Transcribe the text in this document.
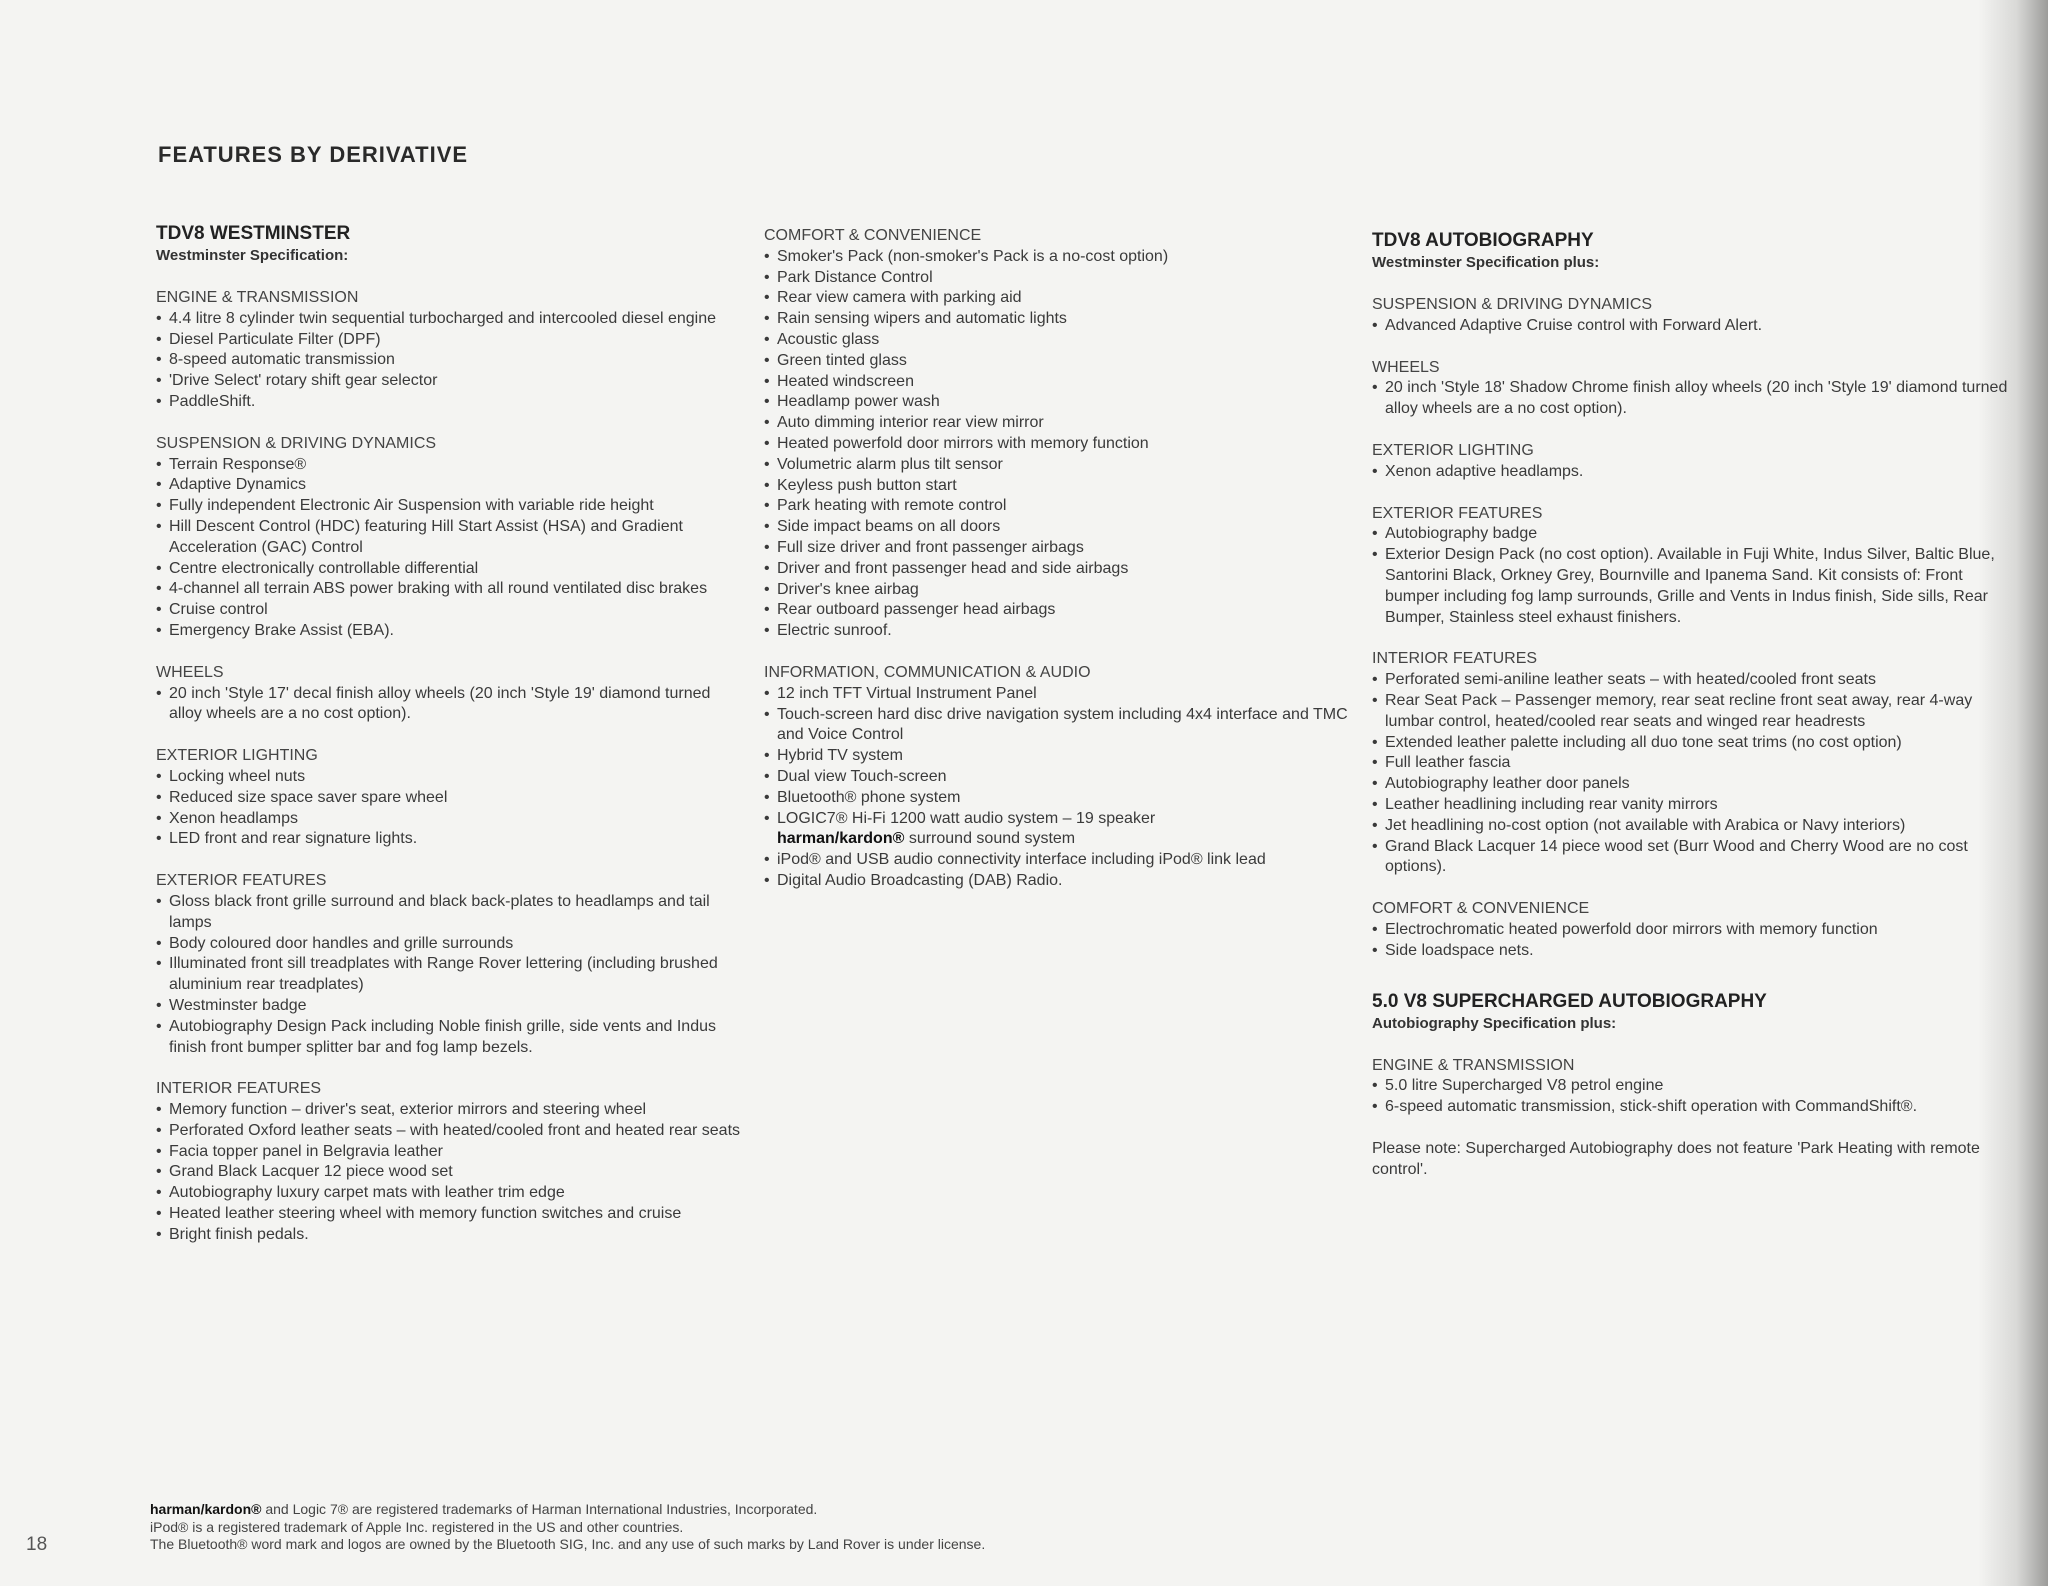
FEATURES BY DERIVATIVE
TDV8 WESTMINSTER
Westminster Specification:
ENGINE & TRANSMISSION
• 4.4 litre 8 cylinder twin sequential turbocharged and intercooled diesel engine
• Diesel Particulate Filter (DPF)
• 8-speed automatic transmission
• 'Drive Select' rotary shift gear selector
• PaddleShift.
SUSPENSION & DRIVING DYNAMICS
• Terrain Response®
• Adaptive Dynamics
• Fully independent Electronic Air Suspension with variable ride height
• Hill Descent Control (HDC) featuring Hill Start Assist (HSA) and Gradient Acceleration (GAC) Control
• Centre electronically controllable differential
• 4-channel all terrain ABS power braking with all round ventilated disc brakes
• Cruise control
• Emergency Brake Assist (EBA).
WHEELS
• 20 inch 'Style 17' decal finish alloy wheels (20 inch 'Style 19' diamond turned alloy wheels are a no cost option).
EXTERIOR LIGHTING
• Locking wheel nuts
• Reduced size space saver spare wheel
• Xenon headlamps
• LED front and rear signature lights.
EXTERIOR FEATURES
• Gloss black front grille surround and black back-plates to headlamps and tail lamps
• Body coloured door handles and grille surrounds
• Illuminated front sill treadplates with Range Rover lettering (including brushed aluminium rear treadplates)
• Westminster badge
• Autobiography Design Pack including Noble finish grille, side vents and Indus finish front bumper splitter bar and fog lamp bezels.
INTERIOR FEATURES
• Memory function – driver's seat, exterior mirrors and steering wheel
• Perforated Oxford leather seats – with heated/cooled front and heated rear seats
• Facia topper panel in Belgravia leather
• Grand Black Lacquer 12 piece wood set
• Autobiography luxury carpet mats with leather trim edge
• Heated leather steering wheel with memory function switches and cruise
• Bright finish pedals.
COMFORT & CONVENIENCE
• Smoker's Pack (non-smoker's Pack is a no-cost option)
• Park Distance Control
• Rear view camera with parking aid
• Rain sensing wipers and automatic lights
• Acoustic glass
• Green tinted glass
• Heated windscreen
• Headlamp power wash
• Auto dimming interior rear view mirror
• Heated powerfold door mirrors with memory function
• Volumetric alarm plus tilt sensor
• Keyless push button start
• Park heating with remote control
• Side impact beams on all doors
• Full size driver and front passenger airbags
• Driver and front passenger head and side airbags
• Driver's knee airbag
• Rear outboard passenger head airbags
• Electric sunroof.
INFORMATION, COMMUNICATION & AUDIO
• 12 inch TFT Virtual Instrument Panel
• Touch-screen hard disc drive navigation system including 4x4 interface and TMC and Voice Control
• Hybrid TV system
• Dual view Touch-screen
• Bluetooth® phone system
• LOGIC7® Hi-Fi 1200 watt audio system – 19 speaker
harman/kardon® surround sound system
• iPod® and USB audio connectivity interface including iPod® link lead
• Digital Audio Broadcasting (DAB) Radio.
TDV8 AUTOBIOGRAPHY
Westminster Specification plus:
SUSPENSION & DRIVING DYNAMICS
• Advanced Adaptive Cruise control with Forward Alert.
WHEELS
• 20 inch 'Style 18' Shadow Chrome finish alloy wheels (20 inch 'Style 19' diamond turned alloy wheels are a no cost option).
EXTERIOR LIGHTING
• Xenon adaptive headlamps.
EXTERIOR FEATURES
• Autobiography badge
• Exterior Design Pack (no cost option). Available in Fuji White, Indus Silver, Baltic Blue, Santorini Black, Orkney Grey, Bournville and Ipanema Sand. Kit consists of: Front bumper including fog lamp surrounds, Grille and Vents in Indus finish, Side sills, Rear Bumper, Stainless steel exhaust finishers.
INTERIOR FEATURES
• Perforated semi-aniline leather seats – with heated/cooled front seats
• Rear Seat Pack – Passenger memory, rear seat recline front seat away, rear 4-way lumbar control, heated/cooled rear seats and winged rear headrests
• Extended leather palette including all duo tone seat trims (no cost option)
• Full leather fascia
• Autobiography leather door panels
• Leather headlining including rear vanity mirrors
• Jet headlining no-cost option (not available with Arabica or Navy interiors)
• Grand Black Lacquer 14 piece wood set (Burr Wood and Cherry Wood are no cost options).
COMFORT & CONVENIENCE
• Electrochromatic heated powerfold door mirrors with memory function
• Side loadspace nets.
5.0 V8 SUPERCHARGED AUTOBIOGRAPHY
Autobiography Specification plus:
ENGINE & TRANSMISSION
• 5.0 litre Supercharged V8 petrol engine
• 6-speed automatic transmission, stick-shift operation with CommandShift®.
Please note: Supercharged Autobiography does not feature 'Park Heating with remote control'.
harman/kardon® and Logic 7® are registered trademarks of Harman International Industries, Incorporated.
iPod® is a registered trademark of Apple Inc. registered in the US and other countries.
The Bluetooth® word mark and logos are owned by the Bluetooth SIG, Inc. and any use of such marks by Land Rover is under license.
18
